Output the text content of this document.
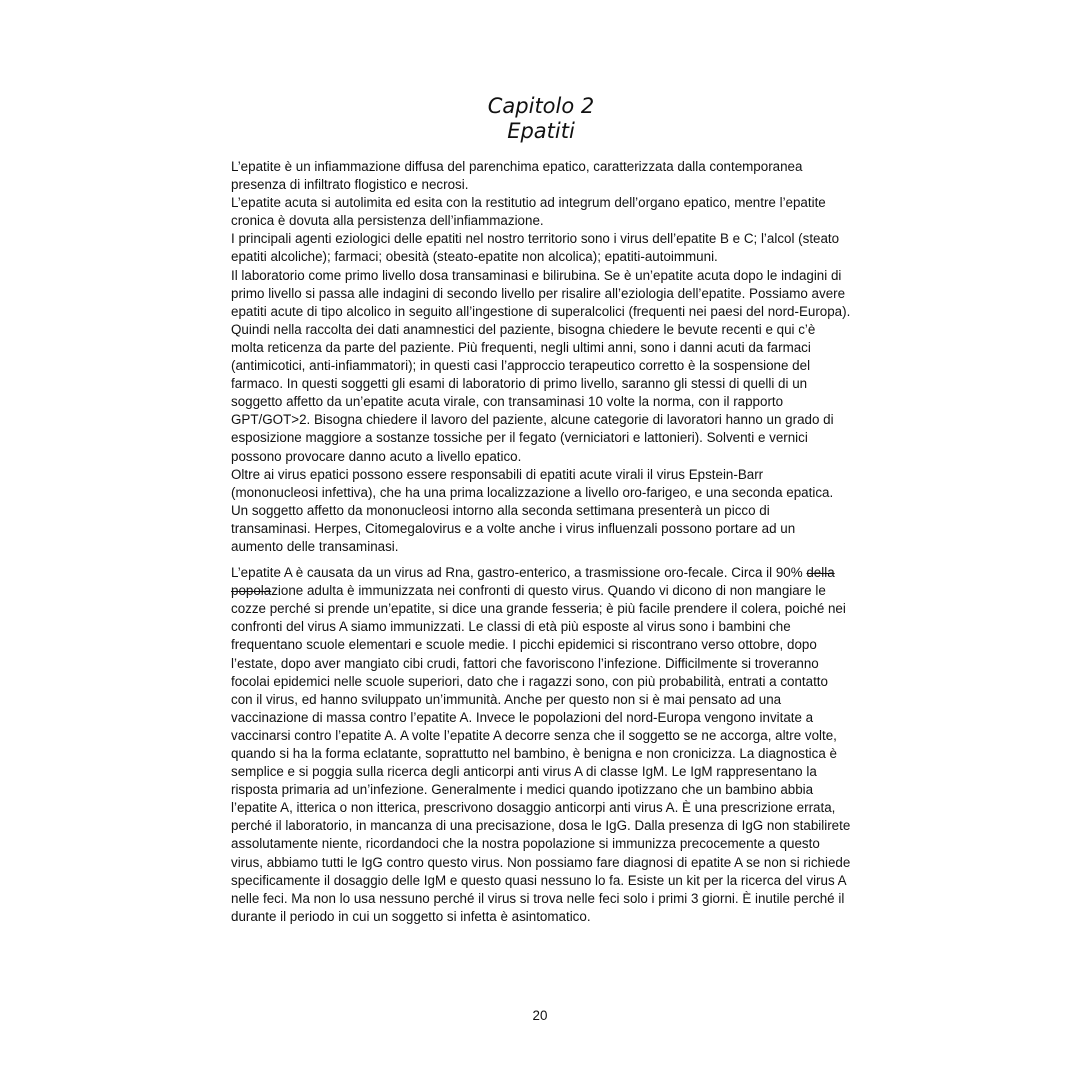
Capitolo 2
Epatiti

L’epatite è un infiammazione diffusa del parenchima epatico, caratterizzata dalla contemporanea presenza di infiltrato flogistico e necrosi.

L’epatite acuta si autolimita ed esita con la restitutio ad integrum dell’organo epatico, mentre l’epatite cronica è dovuta alla persistenza dell’infiammazione.

I principali agenti eziologici delle epatiti nel nostro territorio sono i virus dell’epatite B e C; l’alcol (steato epatiti alcoliche); farmaci; obesità (steato-epatite non alcolica); epatiti-autoimmuni.

Il laboratorio come primo livello dosa transaminasi e bilirubina. Se è un’epatite acuta dopo le indagini di primo livello si passa alle indagini di secondo livello per risalire all’eziologia dell’epatite. Possiamo avere epatiti acute di tipo alcolico in seguito all’ingestione di superalcolici (frequenti nei paesi del nord-Europa). Quindi nella raccolta dei dati anamnestici del paziente, bisogna chiedere le bevute recenti e qui c’è molta reticenza da parte del paziente. Più frequenti, negli ultimi anni, sono i danni acuti da farmaci (antimicotici, anti-infiammatori); in questi casi l’approccio terapeutico corretto è la sospensione del farmaco. In questi soggetti gli esami di laboratorio di primo livello, saranno gli stessi di quelli di un soggetto affetto da un’epatite acuta virale, con transaminasi 10 volte la norma, con il rapporto GPT/GOT>2. Bisogna chiedere il lavoro del paziente, alcune categorie di lavoratori hanno un grado di esposizione maggiore a sostanze tossiche per il fegato (verniciatori e lattonieri). Solventi e vernici possono provocare danno acuto a livello epatico.

Oltre ai virus epatici possono essere responsabili di epatiti acute virali il virus Epstein-Barr (mononucleosi infettiva), che ha una prima localizzazione a livello oro-farigeo, e una seconda epatica. Un soggetto affetto da mononucleosi intorno alla seconda settimana presenterà un picco di transaminasi. Herpes, Citomegalovirus e a volte anche i virus influenzali possono portare ad un aumento delle transaminasi.

L’epatite A è causata da un virus ad Rna, gastro-enterico, a trasmissione oro-fecale. Circa il 90% della popolazione adulta è immunizzata nei confronti di questo virus. Quando vi dicono di non mangiare le cozze perché si prende un’epatite, si dice una grande fesseria; è più facile prendere il colera, poiché nei confronti del virus A siamo immunizzati. Le classi di età più esposte al virus sono i bambini che frequentano scuole elementari e scuole medie. I picchi epidemici si riscontrano verso ottobre, dopo l’estate, dopo aver mangiato cibi crudi, fattori che favoriscono l’infezione. Difficilmente si troveranno focolai epidemici nelle scuole superiori, dato che i ragazzi sono, con più probabilità, entrati a contatto con il virus, ed hanno sviluppato un’immunità. Anche per questo non si è mai pensato ad una vaccinazione di massa contro l’epatite A. Invece le popolazioni del nord-Europa vengono invitate a vaccinarsi contro l’epatite A. A volte l’epatite A decorre senza che il soggetto se ne accorga, altre volte, quando si ha la forma eclatante, soprattutto nel bambino, è benigna e non cronicizza. La diagnostica è semplice e si poggia sulla ricerca degli anticorpi anti virus A di classe IgM. Le IgM rappresentano la risposta primaria ad un’infezione. Generalmente i medici quando ipotizzano che un bambino abbia l’epatite A, itterica o non itterica, prescrivono dosaggio anticorpi anti virus A. È una prescrizione errata, perché il laboratorio, in mancanza di una precisazione, dosa le IgG. Dalla presenza di IgG non stabilirete assolutamente niente, ricordandoci che la nostra popolazione si immunizza precocemente a questo virus, abbiamo tutti le IgG contro questo virus. Non possiamo fare diagnosi di epatite A se non si richiede specificamente il dosaggio delle IgM e questo quasi nessuno lo fa. Esiste un kit per la ricerca del virus A nelle feci. Ma non lo usa nessuno perché il virus si trova nelle feci solo i primi 3 giorni. È inutile perché il durante il periodo in cui un soggetto si infetta è asintomatico.

20
